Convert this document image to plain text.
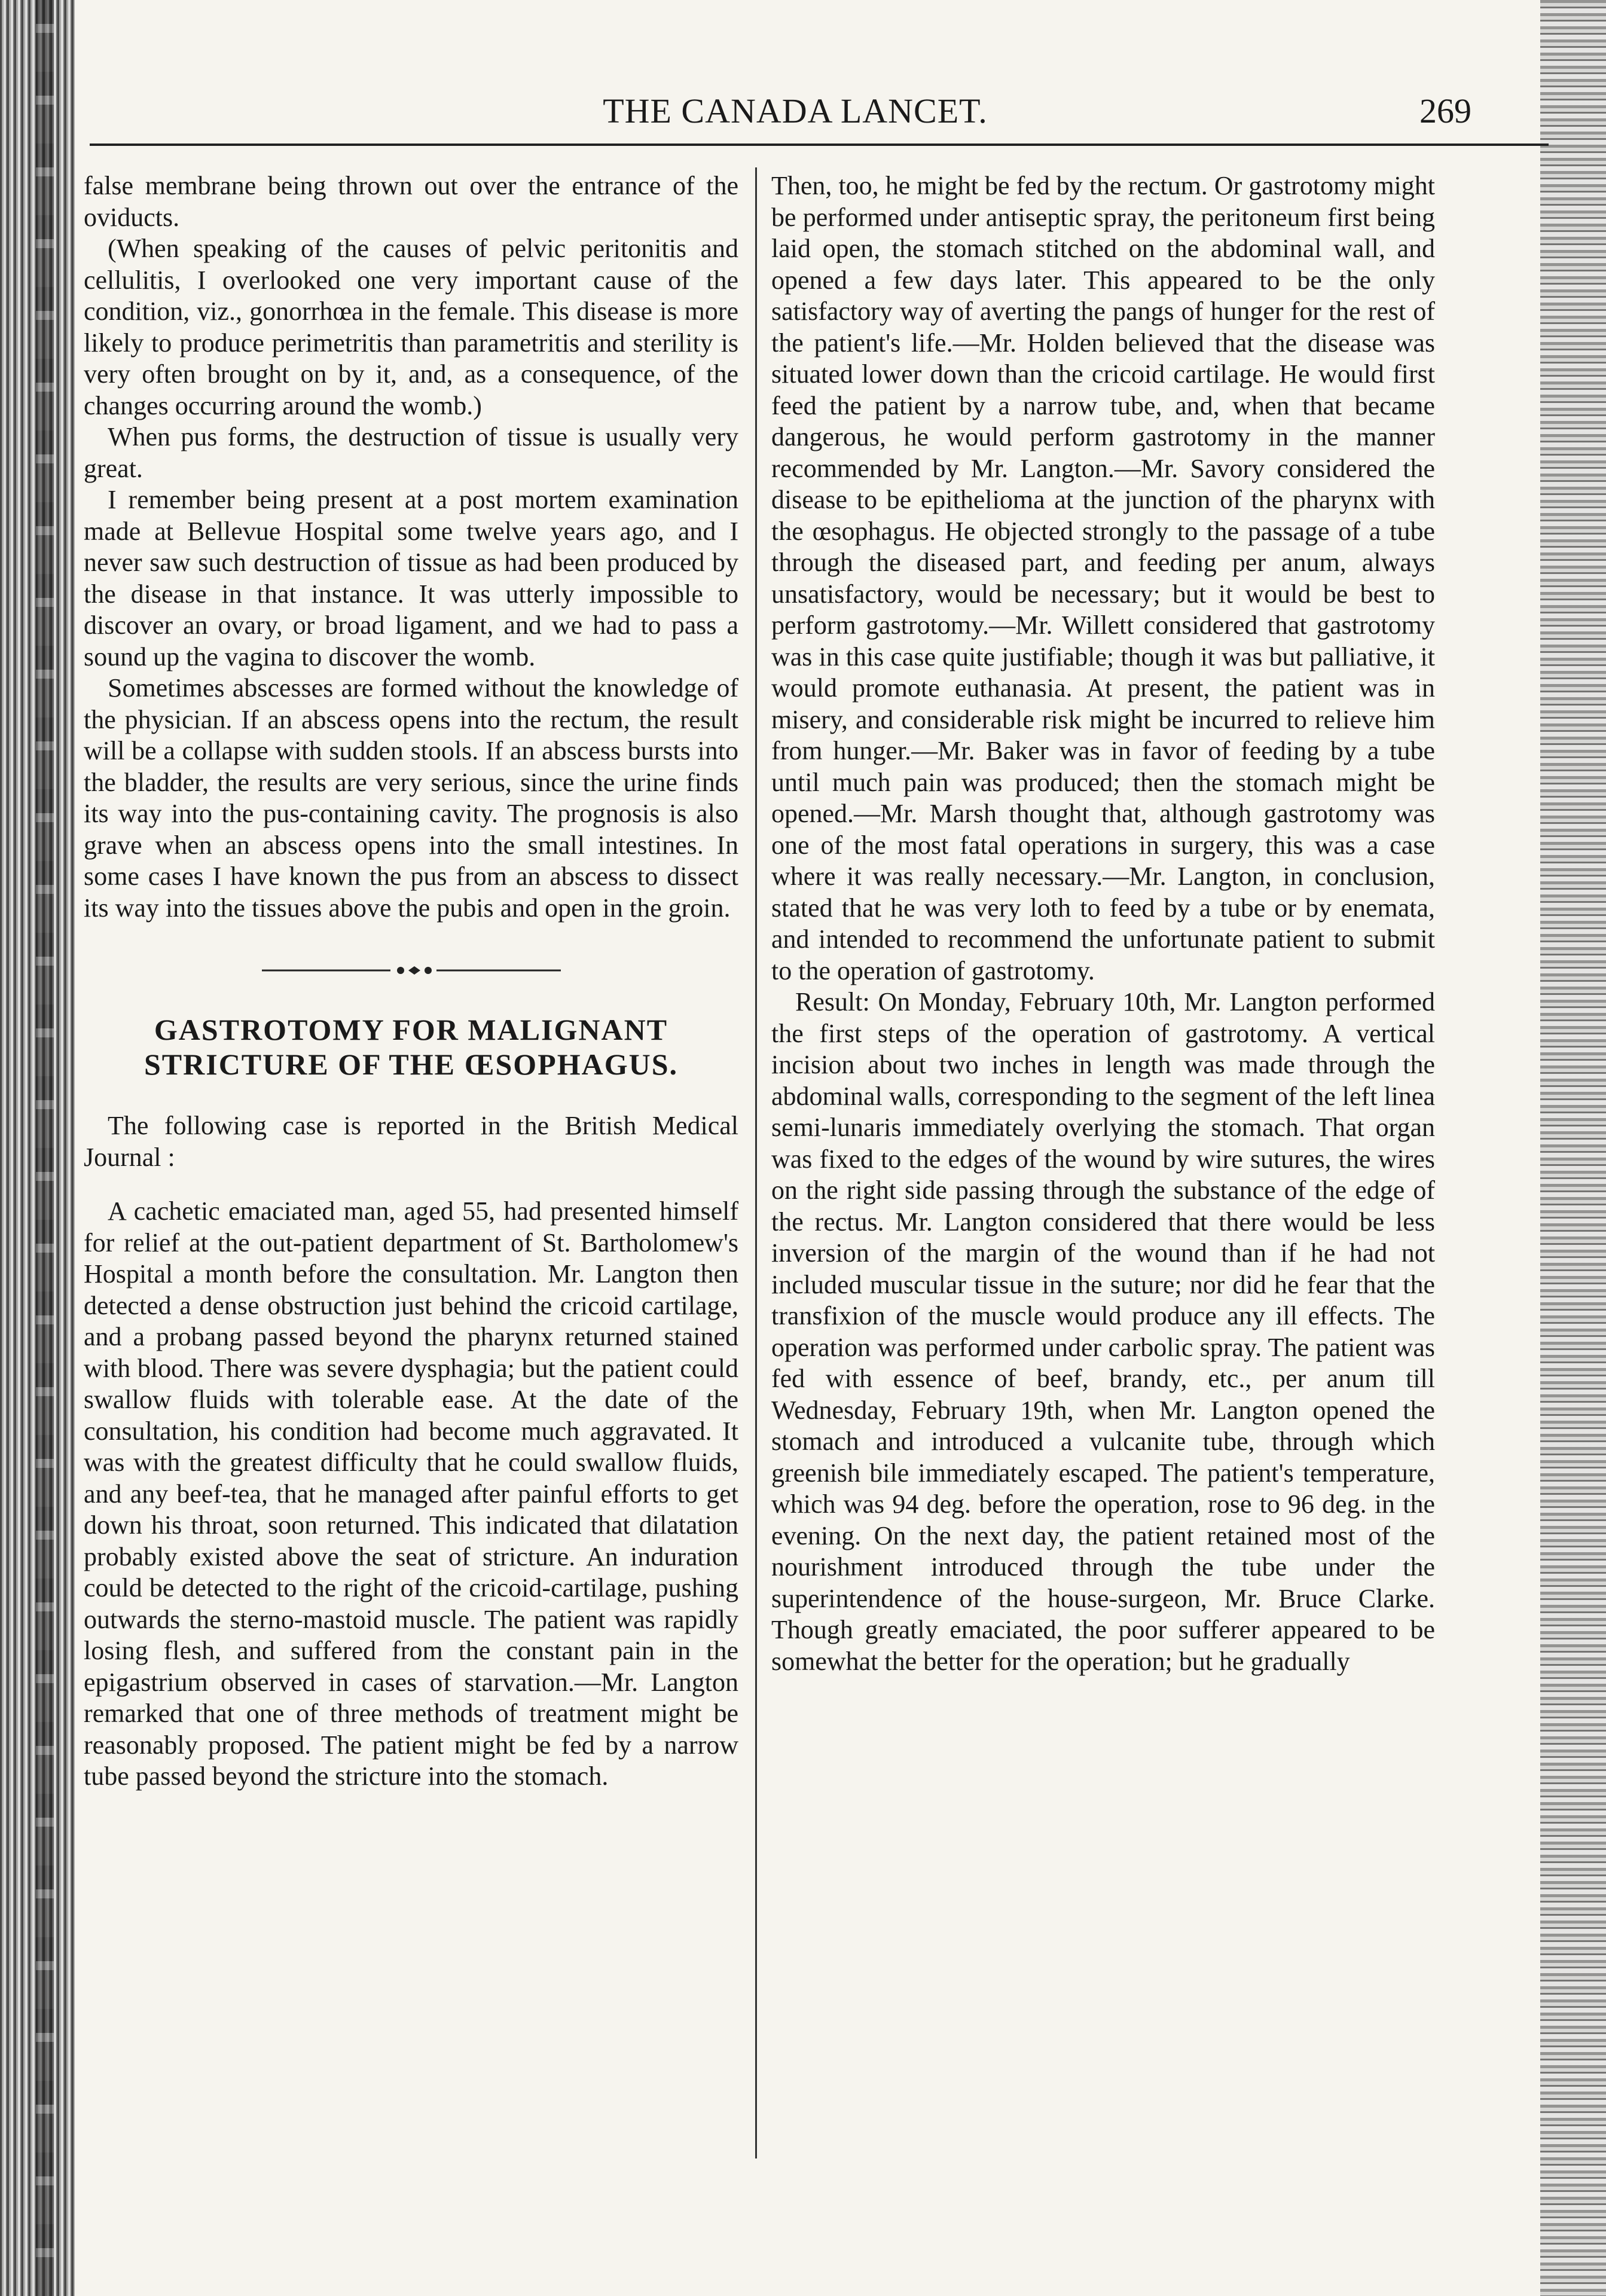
THE CANADA LANCET.	269

false membrane being thrown out over the entrance of the oviducts.

(When speaking of the causes of pelvic peritonitis and cellulitis, I overlooked one very important cause of the condition, viz., gonorrhœa in the female. This disease is more likely to produce perimetritis than parametritis and sterility is very often brought on by it, and, as a consequence, of the changes occurring around the womb.)

When pus forms, the destruction of tissue is usually very great.

I remember being present at a post mortem examination made at Bellevue Hospital some twelve years ago, and I never saw such destruction of tissue as had been produced by the disease in that instance. It was utterly impossible to discover an ovary, or broad ligament, and we had to pass a sound up the vagina to discover the womb.

Sometimes abscesses are formed without the knowledge of the physician. If an abscess opens into the rectum, the result will be a collapse with sudden stools. If an abscess bursts into the bladder, the results are very serious, since the urine finds its way into the pus-containing cavity. The prognosis is also grave when an abscess opens into the small intestines. In some cases I have known the pus from an abscess to dissect its way into the tissues above the pubis and open in the groin.

GASTROTOMY FOR MALIGNANT STRICTURE OF THE ŒSOPHAGUS.

The following case is reported in the British Medical Journal :

A cachetic emaciated man, aged 55, had presented himself for relief at the out-patient department of St. Bartholomew's Hospital a month before the consultation. Mr. Langton then detected a dense obstruction just behind the cricoid cartilage, and a probang passed beyond the pharynx returned stained with blood. There was severe dysphagia; but the patient could swallow fluids with tolerable ease. At the date of the consultation, his condition had become much aggravated. It was with the greatest difficulty that he could swallow fluids, and any beef-tea, that he managed after painful efforts to get down his throat, soon returned. This indicated that dilatation probably existed above the seat of stricture. An induration could be detected to the right of the cricoid-cartilage, pushing outwards the sterno-mastoid muscle. The patient was rapidly losing flesh, and suffered from the constant pain in the epigastrium observed in cases of starvation.—Mr. Langton remarked that one of three methods of treatment might be reasonably proposed. The patient might be fed by a narrow tube passed beyond the stricture into the stomach.

Then, too, he might be fed by the rectum. Or gastrotomy might be performed under antiseptic spray, the peritoneum first being laid open, the stomach stitched on the abdominal wall, and opened a few days later. This appeared to be the only satisfactory way of averting the pangs of hunger for the rest of the patient's life.—Mr. Holden believed that the disease was situated lower down than the cricoid cartilage. He would first feed the patient by a narrow tube, and, when that became dangerous, he would perform gastrotomy in the manner recommended by Mr. Langton.—Mr. Savory considered the disease to be epithelioma at the junction of the pharynx with the œsophagus. He objected strongly to the passage of a tube through the diseased part, and feeding per anum, always unsatisfactory, would be necessary; but it would be best to perform gastrotomy.—Mr. Willett considered that gastrotomy was in this case quite justifiable; though it was but palliative, it would promote euthanasia. At present, the patient was in misery, and considerable risk might be incurred to relieve him from hunger.—Mr. Baker was in favor of feeding by a tube until much pain was produced; then the stomach might be opened.—Mr. Marsh thought that, although gastrotomy was one of the most fatal operations in surgery, this was a case where it was really necessary.—Mr. Langton, in conclusion, stated that he was very loth to feed by a tube or by enemata, and intended to recommend the unfortunate patient to submit to the operation of gastrotomy.

Result: On Monday, February 10th, Mr. Langton performed the first steps of the operation of gastrotomy. A vertical incision about two inches in length was made through the abdominal walls, corresponding to the segment of the left linea semi-lunaris immediately overlying the stomach. That organ was fixed to the edges of the wound by wire sutures, the wires on the right side passing through the substance of the edge of the rectus. Mr. Langton considered that there would be less inversion of the margin of the wound than if he had not included muscular tissue in the suture; nor did he fear that the transfixion of the muscle would produce any ill effects. The operation was performed under carbolic spray. The patient was fed with essence of beef, brandy, etc., per anum till Wednesday, February 19th, when Mr. Langton opened the stomach and introduced a vulcanite tube, through which greenish bile immediately escaped. The patient's temperature, which was 94 deg. before the operation, rose to 96 deg. in the evening. On the next day, the patient retained most of the nourishment introduced through the tube under the superintendence of the house-surgeon, Mr. Bruce Clarke. Though greatly emaciated, the poor sufferer appeared to be somewhat the better for the operation; but he gradually
